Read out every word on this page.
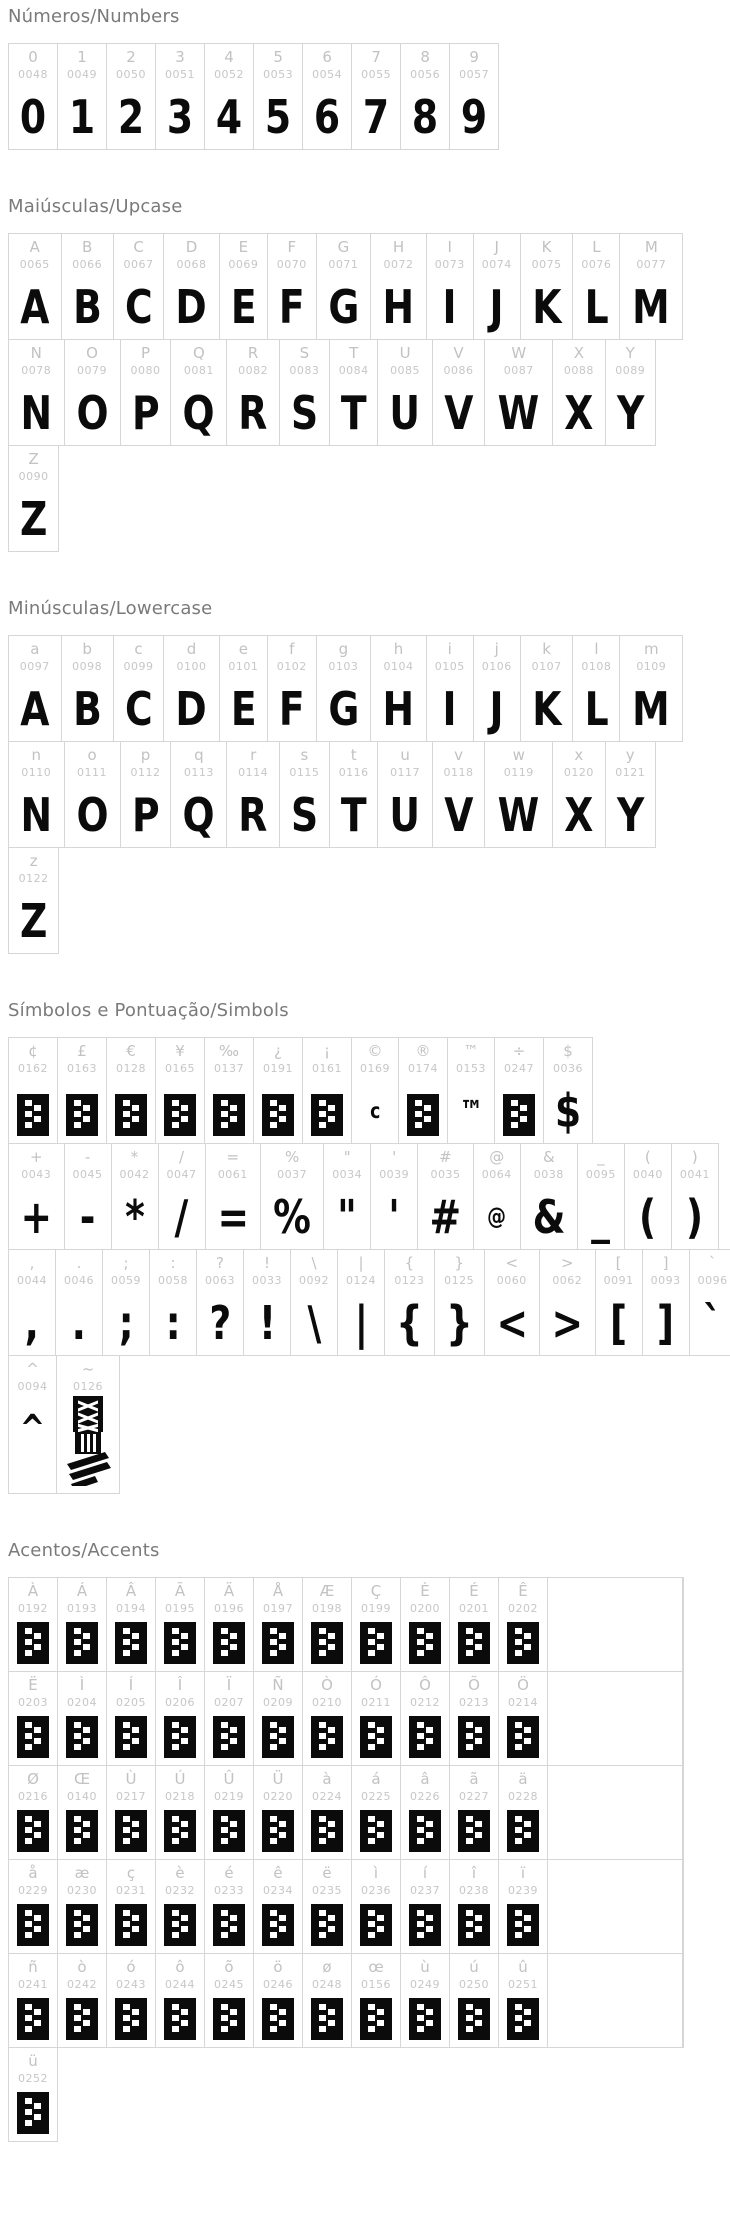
Números/Numbers
0
0048
0
1
0049
1
2
0050
2
3
0051
3
4
0052
4
5
0053
5
6
0054
6
7
0055
7
8
0056
8
9
0057
9
Maiúsculas/Upcase
A
0065
A
B
0066
B
C
0067
C
D
0068
D
E
0069
E
F
0070
F
G
0071
G
H
0072
H
I
0073
I
J
0074
J
K
0075
K
L
0076
L
M
0077
M
N
0078
N
O
0079
O
P
0080
P
Q
0081
Q
R
0082
R
S
0083
S
T
0084
T
U
0085
U
V
0086
V
W
0087
W
X
0088
X
Y
0089
Y
Z
0090
Z
Minúsculas/Lowercase
a
0097
A
b
0098
B
c
0099
C
d
0100
D
e
0101
E
f
0102
F
g
0103
G
h
0104
H
i
0105
I
j
0106
J
k
0107
K
l
0108
L
m
0109
M
n
0110
N
o
0111
O
p
0112
P
q
0113
Q
r
0114
R
s
0115
S
t
0116
T
u
0117
U
v
0118
V
w
0119
W
x
0120
X
y
0121
Y
z
0122
Z
Símbolos e Pontuação/Simbols
¢
0162
£
0163
€
0128
¥
0165
‰
0137
¿
0191
¡
0161
©
0169
c
®
0174
™
0153
™
÷
0247
$
0036
$
+
0043
+
-
0045
-
*
0042
*
/
0047
/
=
0061
=
%
0037
%
"
0034
"
'
0039
'
#
0035
#
@
0064
@
&
0038
&
_
0095
_
(
0040
(
)
0041
)
,
0044
,
.
0046
.
;
0059
;
:
0058
:
?
0063
?
!
0033
!
\
0092
\
|
0124
|
{
0123
{
}
0125
}
<
0060
<
>
0062
>
[
0091
[
]
0093
]
`
0096
`
^
0094
^
~
0126
Acentos/Accents
À
0192
Á
0193
Â
0194
Ã
0195
Ä
0196
Å
0197
Æ
0198
Ç
0199
È
0200
É
0201
Ê
0202
Ë
0203
Ì
0204
Í
0205
Î
0206
Ï
0207
Ñ
0209
Ò
0210
Ó
0211
Ô
0212
Õ
0213
Ö
0214
Ø
0216
Œ
0140
Ù
0217
Ú
0218
Û
0219
Ü
0220
à
0224
á
0225
â
0226
ã
0227
ä
0228
å
0229
æ
0230
ç
0231
è
0232
é
0233
ê
0234
ë
0235
ì
0236
í
0237
î
0238
ï
0239
ñ
0241
ò
0242
ó
0243
ô
0244
õ
0245
ö
0246
ø
0248
œ
0156
ù
0249
ú
0250
û
0251
ü
0252
